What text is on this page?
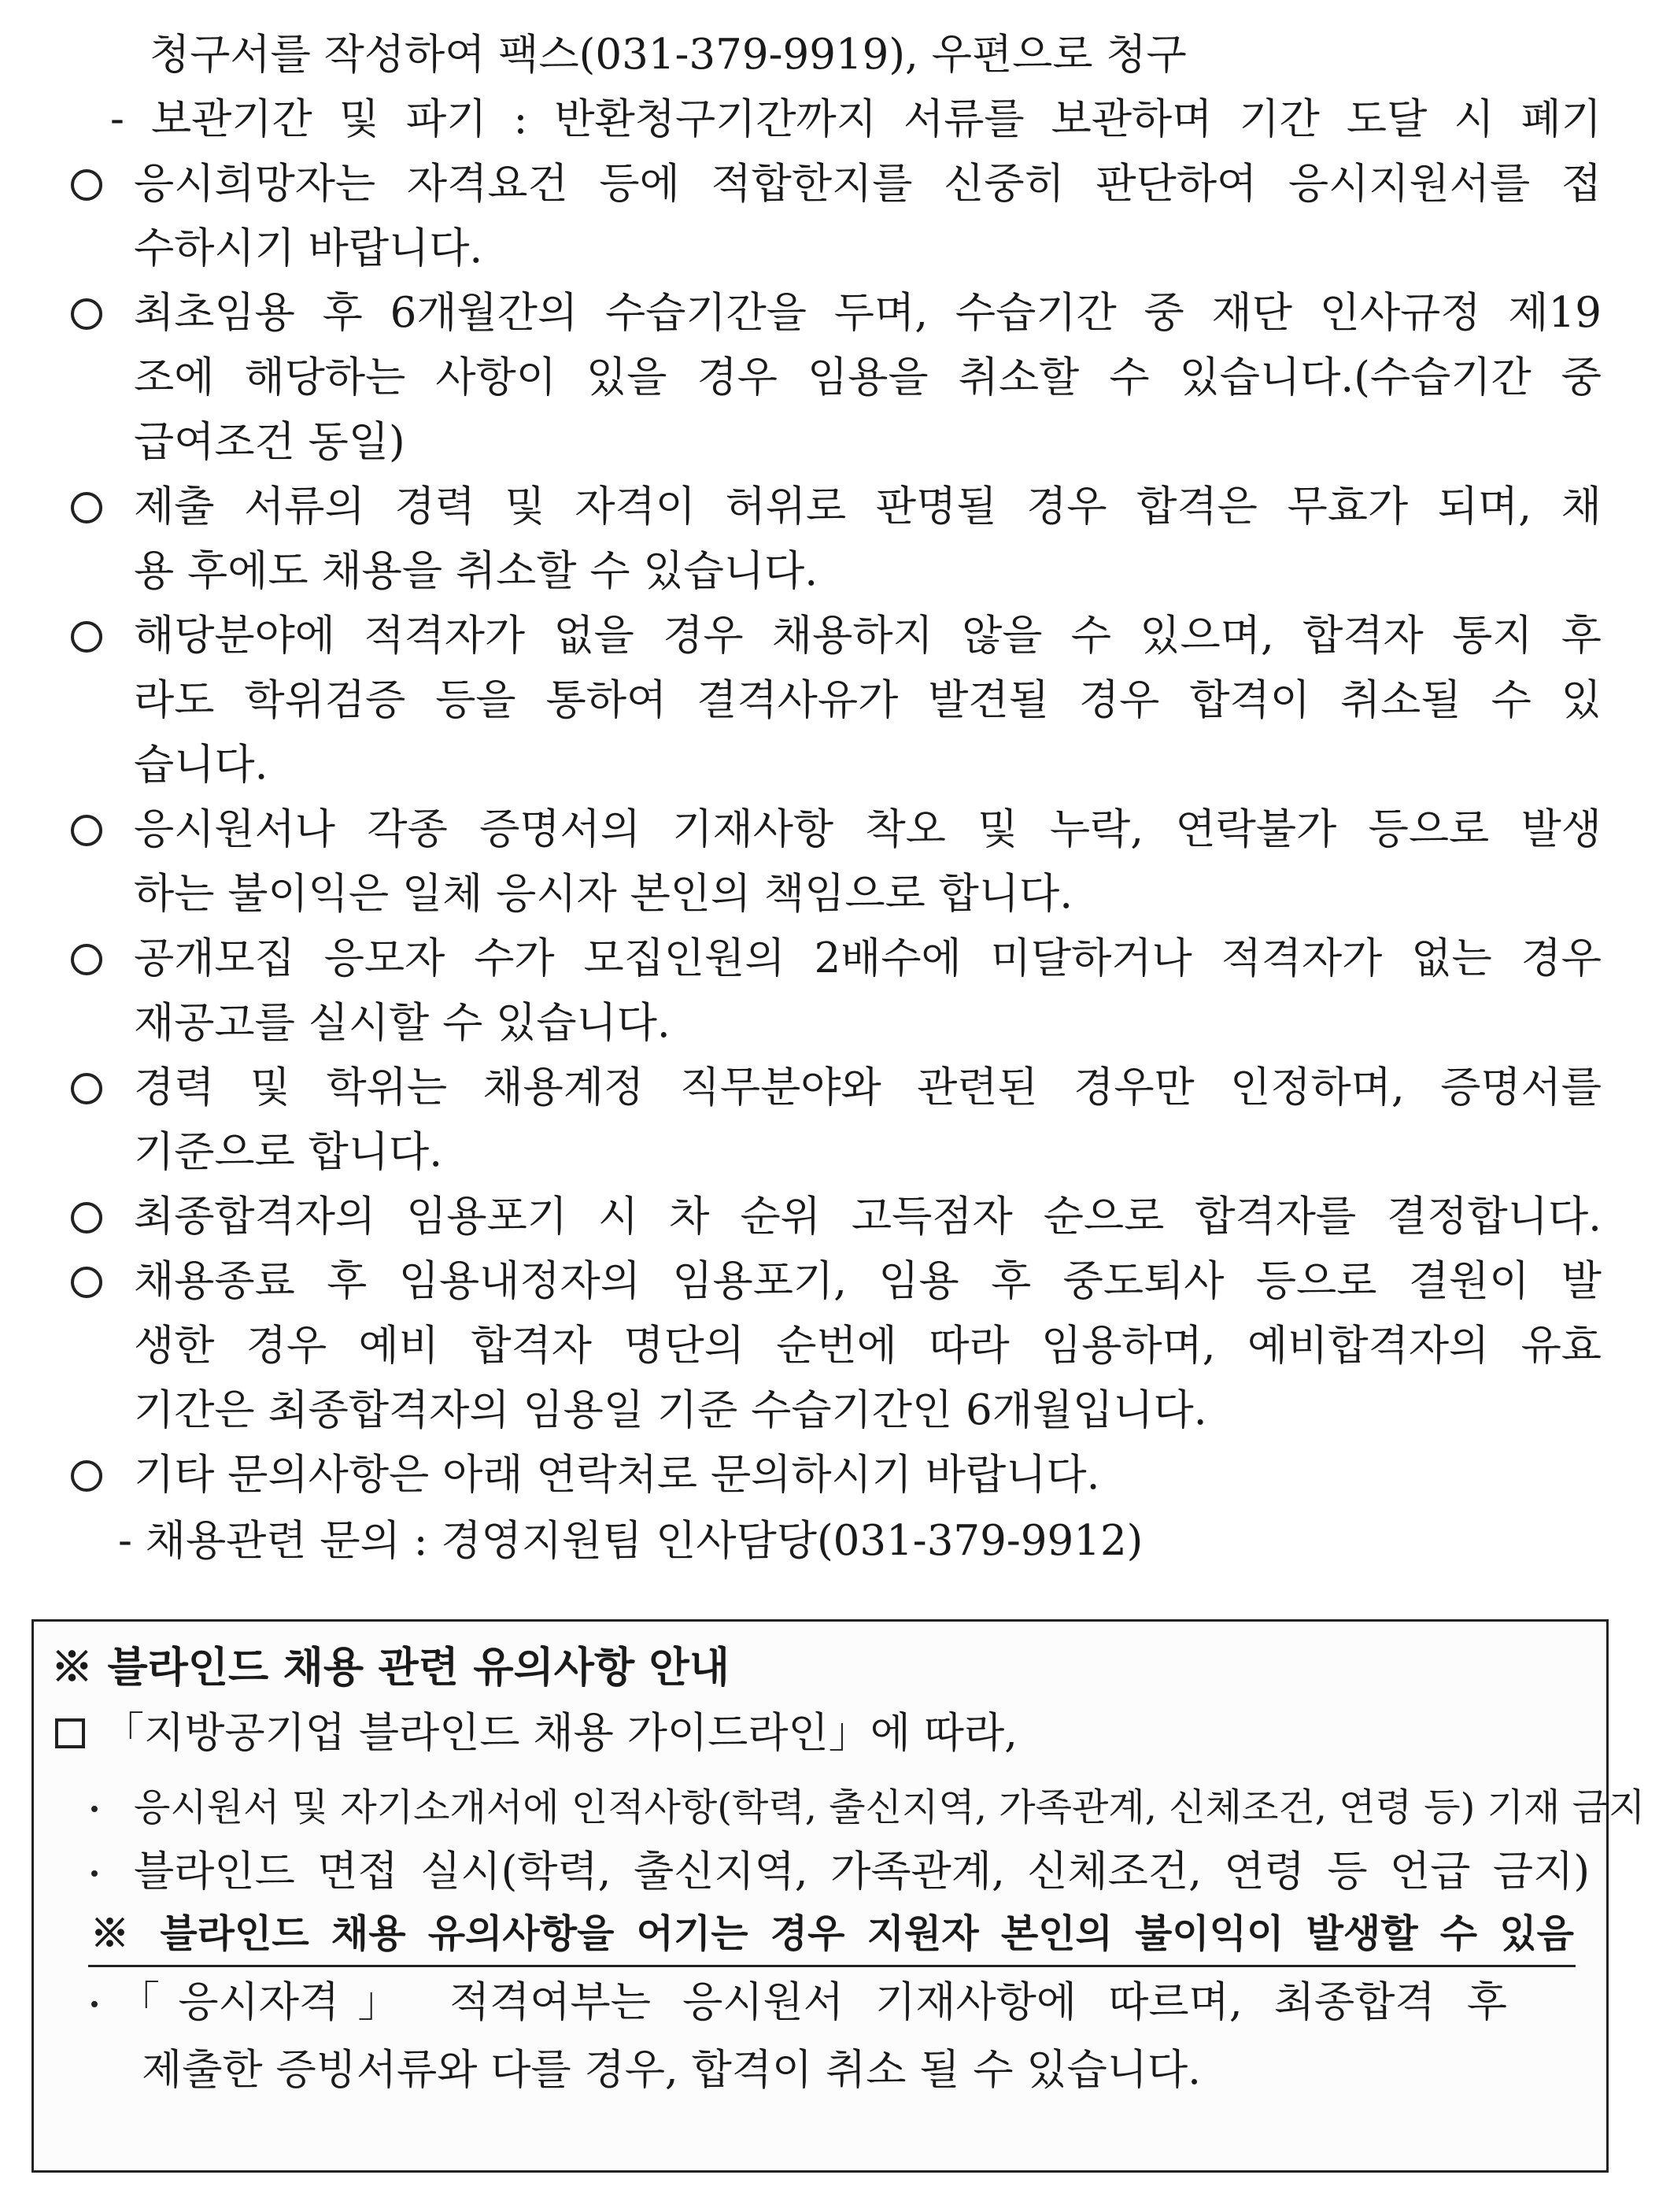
청구서를 작성하여 팩스(031-379-9919), 우편으로 청구
- 보관기간 및 파기 : 반환청구기간까지 서류를 보관하며 기간 도달 시 폐기
응시희망자는 자격요건 등에 적합한지를 신중히 판단하여 응시지원서를 접
수하시기 바랍니다.
최초임용 후 6개월간의 수습기간을 두며, 수습기간 중 재단 인사규정 제19
조에 해당하는 사항이 있을 경우 임용을 취소할 수 있습니다.(수습기간 중
급여조건 동일)
제출 서류의 경력 및 자격이 허위로 판명될 경우 합격은 무효가 되며, 채
용 후에도 채용을 취소할 수 있습니다.
해당분야에 적격자가 없을 경우 채용하지 않을 수 있으며, 합격자 통지 후
라도 학위검증 등을 통하여 결격사유가 발견될 경우 합격이 취소될 수 있
습니다.
응시원서나 각종 증명서의 기재사항 착오 및 누락, 연락불가 등으로 발생
하는 불이익은 일체 응시자 본인의 책임으로 합니다.
공개모집 응모자 수가 모집인원의 2배수에 미달하거나 적격자가 없는 경우
재공고를 실시할 수 있습니다.
경력 및 학위는 채용계정 직무분야와 관련된 경우만 인정하며, 증명서를
기준으로 합니다.
최종합격자의 임용포기 시 차 순위 고득점자 순으로 합격자를 결정합니다.
채용종료 후 임용내정자의 임용포기, 임용 후 중도퇴사 등으로 결원이 발
생한 경우 예비 합격자 명단의 순번에 따라 임용하며, 예비합격자의 유효
기간은 최종합격자의 임용일 기준 수습기간인 6개월입니다.
기타 문의사항은 아래 연락처로 문의하시기 바랍니다.
- 채용관련 문의 : 경영지원팀 인사담당(031-379-9912)
※ 블라인드 채용 관련 유의사항 안내
「지방공기업 블라인드 채용 가이드라인」에 따라,
응시원서 및 자기소개서에 인적사항(학력, 출신지역, 가족관계, 신체조건, 연령 등) 기재 금지
블라인드 면접 실시(학력, 출신지역, 가족관계, 신체조건, 연령 등 언급 금지)
※ 블라인드 채용 유의사항을 어기는 경우 지원자 본인의 불이익이 발생할 수 있음
「응시자격」 적격여부는 응시원서 기재사항에 따르며, 최종합격 후
제출한 증빙서류와 다를 경우, 합격이 취소 될 수 있습니다.
